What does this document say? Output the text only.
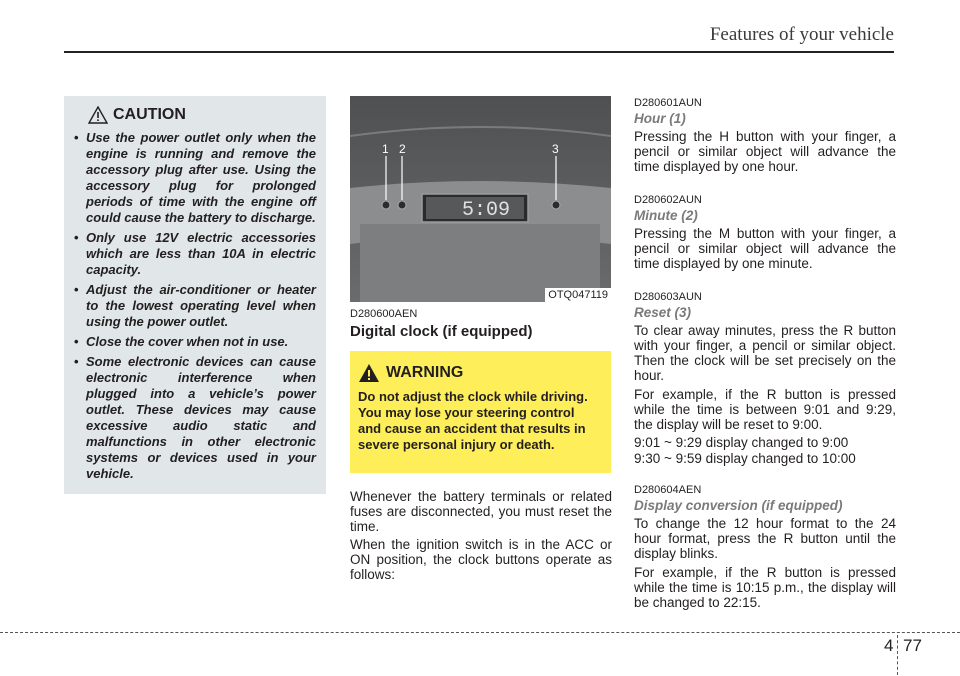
Features of your vehicle
CAUTION
• Use the power outlet only when the engine is running and remove the accessory plug after use. Using the accessory plug for prolonged periods of time with the engine off could cause the battery to discharge.
• Only use 12V electric accessories which are less than 10A in electric capacity.
• Adjust the air-conditioner or heater to the lowest operating level when using the power outlet.
• Close the cover when not in use.
• Some electronic devices can cause electronic interference when plugged into a vehicle’s power outlet. These devices may cause excessive audio static and malfunctions in other electronic systems or devices used in your vehicle.
5:09
1 2	3
OTQ047119
D280600AEN
Digital clock (if equipped)
WARNING

Do not adjust the clock while driving. You may lose your steering control and cause an accident that results in severe personal injury or death.

Whenever the battery terminals or related fuses are disconnected, you must reset the time.
When the ignition switch is in the ACC or ON position, the clock buttons operate as follows:
D280601AUN
Hour (1)
Pressing the H button with your finger, a pencil or similar object will advance the time displayed by one hour.
D280602AUN
Minute (2)
Pressing the M button with your finger, a pencil or similar object will advance the time displayed by one minute.
D280603AUN
Reset (3)
To clear away minutes, press the R button with your finger, a pencil or similar object. Then the clock will be set precisely on the hour.
For example, if the R button is pressed while the time is between 9:01 and 9:29, the display will be reset to 9:00.
9:01 ~ 9:29 display changed to 9:00
9:30 ~ 9:59 display changed to 10:00
D280604AEN
Display conversion (if equipped)
To change the 12 hour format to the 24 hour format, press the R button until the display blinks.
For example, if the R button is pressed while the time is 10:15 p.m., the display will be changed to 22:15.
4 77
